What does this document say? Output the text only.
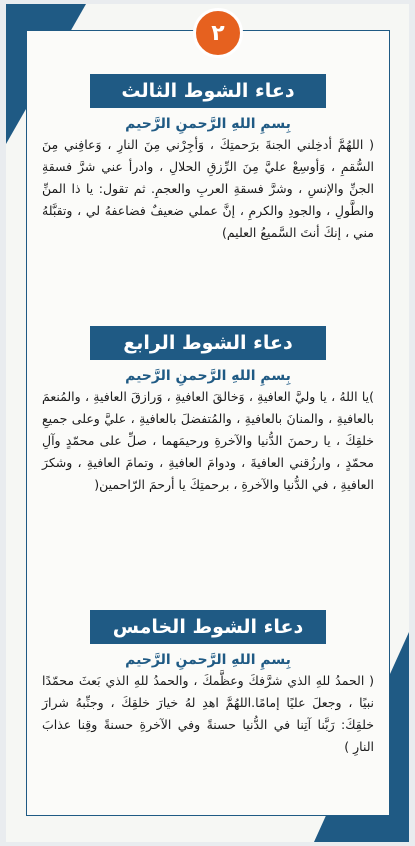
٢
دعاء الشوط الثالث
بِسمِ اللهِ الرَّحمنِ الرَّحيم
( اللهُمَّ أدخِلني الجنةَ برَحمتِكَ ، وَأجِرْني مِنَ النارِ ، وَعافِني مِنَ السُّقمِ ، وَأوسِعْ عليَّ مِنَ الرِّزقِ الحلالِ ، وادرأ عني شرَّ فسقةِ الجنِّ والإنسِ ، وشرَّ فسقةِ العربِ والعجمِ. ثم تقول: يا ذا المنِّ والطَّولِ ، والجودِ والكرمِ ، إنَّ عملي ضعيفٌ فضاعفهُ لي ، وتقبَّلهُ مني ، إنكَ أنتَ السَّميعُ العليم)
دعاء الشوط الرابع
بِسمِ اللهِ الرَّحمنِ الرَّحيم
)يا اللهُ ، يا وليَّ العافيةِ ، وَخالقَ العافيةِ ، وَرازقَ العافيةِ ، والمُنعمَ بالعافيةِ ، والمنانَ بالعافيةِ ، والمُتفضلَ بالعافيةِ ، عليَّ وعلى جميعِ خلقِكَ ، يا رحمنَ الدُّنيا والآخرةِ ورحيمَهما ، صلِّ على محمّدٍ وآلِ محمّدٍ ، وارزُقني العافيةَ ، ودوامَ العافيةِ ، وتمامَ العافيةِ ، وشكرَ العافيةِ ، في الدُّنيا والآخرةِ ، برحمتِكَ يا أرحمَ الرّاحمين(
دعاء الشوط الخامس
بِسمِ اللهِ الرَّحمنِ الرَّحيم
( الحمدُ للهِ الذي شرَّفكَ وعظَّمكَ ، والحمدُ للهِ الذي بَعثَ محمّدًا نبيًا ، وجعلَ عليًا إمامًا.اللهُمَّ اهدِ لهُ خيارَ خلقِكَ ، وجنِّبهُ شرارَ خلقِكَ: رَبَّنا آتِنا في الدُّنيا حسنةً وفي الآخرةِ حسنةً وقِنا عذابَ النارِ )
